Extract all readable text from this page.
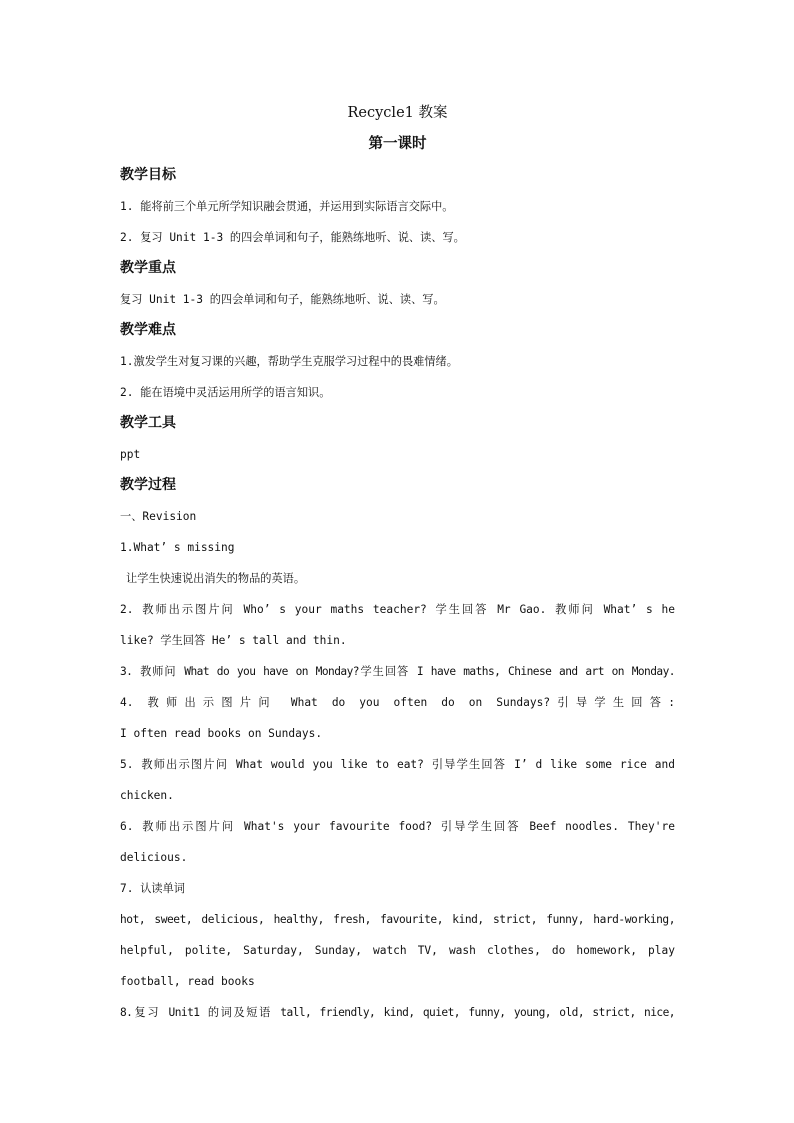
Recycle1 教案

第一课时

教学目标

1. 能将前三个单元所学知识融会贯通，并运用到实际语言交际中。

2. 复习 Unit 1-3 的四会单词和句子，能熟练地听、说、读、写。

教学重点

复习 Unit 1-3 的四会单词和句子，能熟练地听、说、读、写。

教学难点

1.激发学生对复习课的兴趣，帮助学生克服学习过程中的畏难情绪。

2. 能在语境中灵活运用所学的语言知识。

教学工具

ppt

教学过程

一、Revision

1.What’ s missing

让学生快速说出消失的物品的英语。

2. 教师出示图片问 Who’ s your maths teacher? 学生回答 Mr Gao. 教师问 What’ s he

like? 学生回答 He’ s tall and thin.

3. 教师问 What do you have on Monday?学生回答 I have maths, Chinese and art on Monday.

4. 教师出示图片问 What do you often do on Sundays?引导学生回答:

I often read books on Sundays.

5. 教师出示图片问 What would you like to eat? 引导学生回答 I’ d like some rice and

chicken.

6. 教师出示图片问 What's your favourite food? 引导学生回答 Beef noodles. They're

delicious.

7. 认读单词

hot, sweet, delicious, healthy, fresh, favourite, kind, strict, funny, hard-working,

helpful, polite, Saturday, Sunday, watch TV, wash clothes, do homework, play

football, read books

8.复习 Unit1 的词及短语 tall, friendly, kind, quiet, funny, young, old, strict, nice,
